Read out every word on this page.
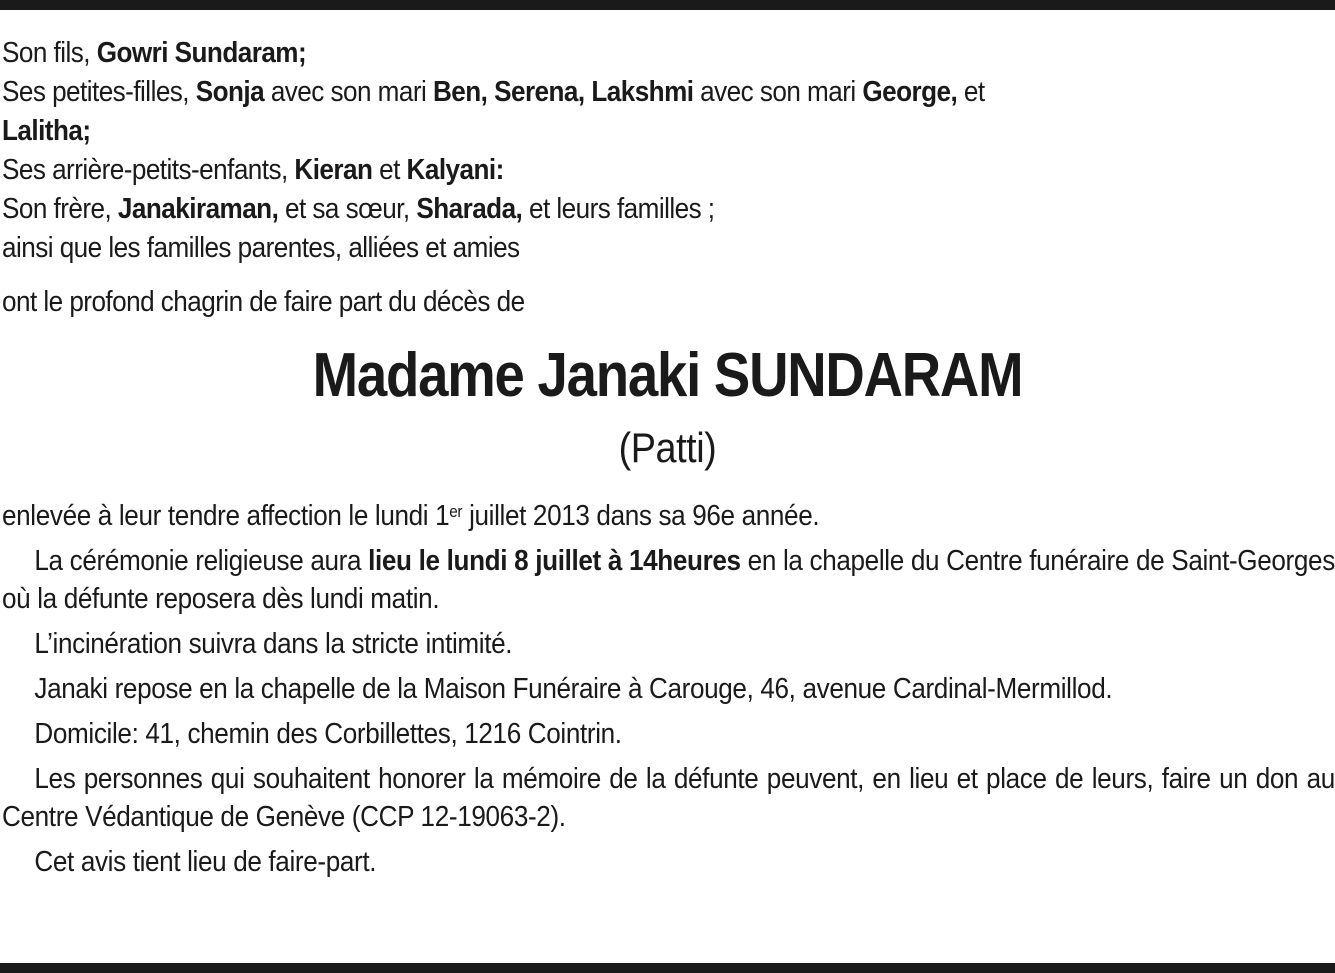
Son fils, Gowri Sundaram;
Ses petites-filles, Sonja avec son mari Ben, Serena, Lakshmi avec son mari George, et
Lalitha;
Ses arrière-petits-enfants, Kieran et Kalyani:
Son frère, Janakiraman, et sa sœur, Sharada, et leurs familles ;
ainsi que les familles parentes, alliées et amies
ont le profond chagrin de faire part du décès de
Madame Janaki SUNDARAM
(Patti)

enlevée à leur tendre affection le lundi 1er juillet 2013 dans sa 96e année.

La cérémonie religieuse aura lieu le lundi 8 juillet à 14heures en la chapelle du Centre funéraire de Saint-Georges où la défunte reposera dès lundi matin.

L’incinération suivra dans la stricte intimité.

Janaki repose en la chapelle de la Maison Funéraire à Carouge, 46, avenue Cardinal-Mermillod.

Domicile: 41, chemin des Corbillettes, 1216 Cointrin.

Les personnes qui souhaitent honorer la mémoire de la défunte peuvent, en lieu et place de leurs, faire un don au Centre Védantique de Genève (CCP 12-19063-2).

Cet avis tient lieu de faire-part.
